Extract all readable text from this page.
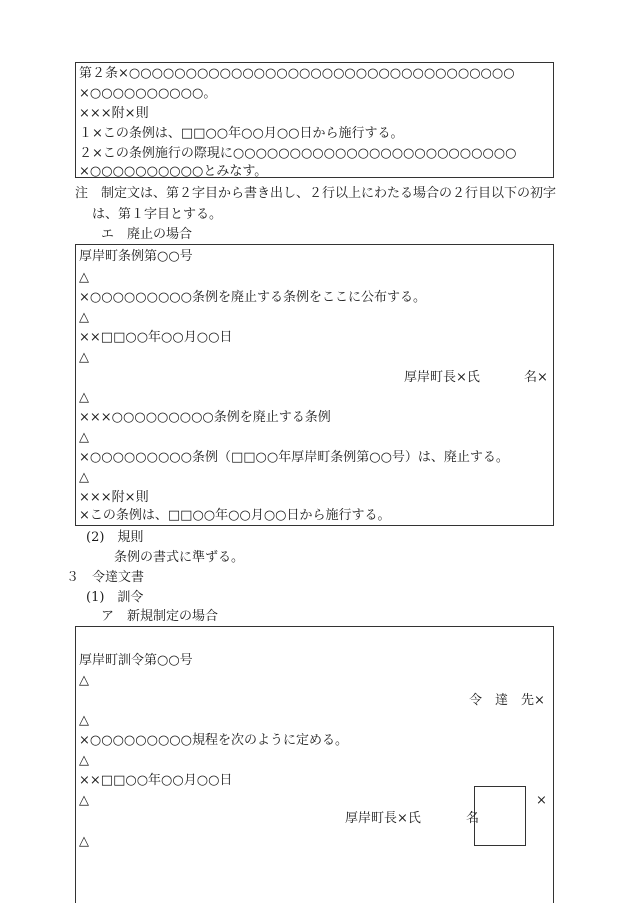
第２条×○○○○○○○○○○○○○○○○○○○○○○○○○○○○○○○○○○
×○○○○○○○○○○。
×××附×則
１×この条例は、□□○○年○○月○○日から施行する。
２×この条例施行の際現に○○○○○○○○○○○○○○○○○○○○○○○○○
×○○○○○○○○○○とみなす。
注　制定文は、第２字目から書き出し、２行以上にわたる場合の２行目以下の初字
は、第１字目とする。
エ　廃止の場合
厚岸町条例第○○号
△
×○○○○○○○○○条例を廃止する条例をここに公布する。
△
××□□○○年○○月○○日
△
厚岸町長×氏	名×
△
×××○○○○○○○○○条例を廃止する条例
△
×○○○○○○○○○条例（□□○○年厚岸町条例第○○号）は、廃止する。
△
×××附×則
×この条例は、□□○○年○○月○○日から施行する。
(2)　規則
条例の書式に準ずる。
３　令達文書
(1)　訓令
ア　新規制定の場合
厚岸町訓令第○○号
△
令　達　先×
△
×○○○○○○○○○規程を次のように定める。
△
××□□○○年○○月○○日
△	×
厚岸町長×氏	名
△
